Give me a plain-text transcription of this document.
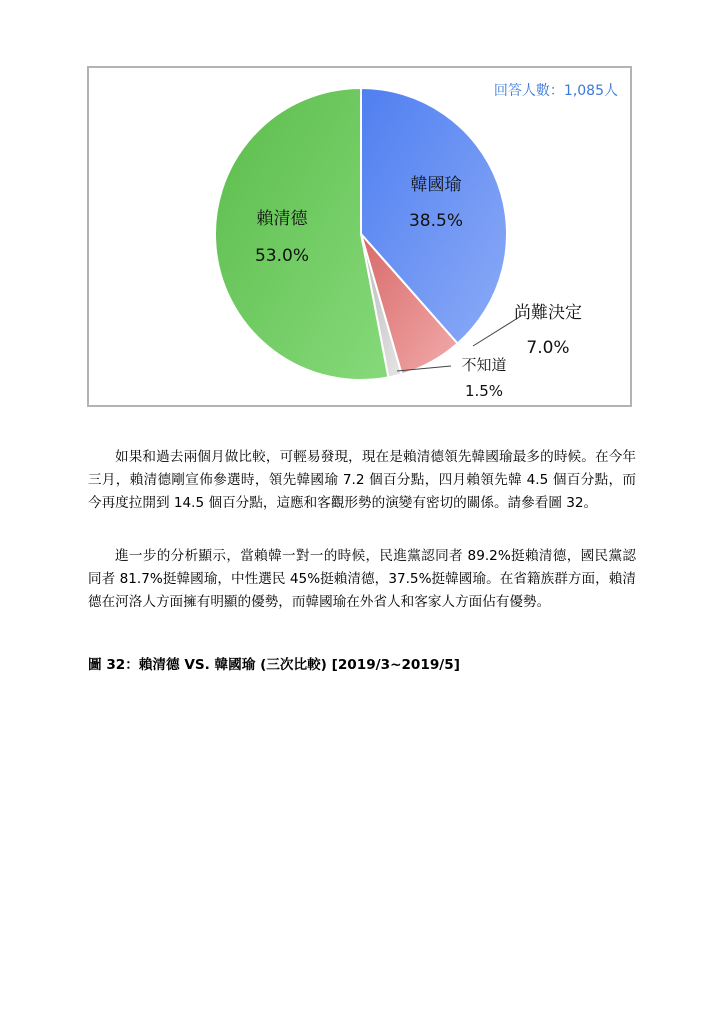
回答人數：1,085人
韓國瑜
38.5%
賴清德
53.0%
尚難決定
7.0%
不知道
1.5%

如果和過去兩個月做比較，可輕易發現，現在是賴清德領先韓國瑜最多的時候。在今年三月，賴清德剛宣佈參選時，領先韓國瑜 7.2 個百分點，四月賴領先韓 4.5 個百分點，而今再度拉開到 14.5 個百分點，這應和客觀形勢的演變有密切的關係。請參看圖 32。

進一步的分析顯示，當賴韓一對一的時候，民進黨認同者 89.2%挺賴清德，國民黨認同者 81.7%挺韓國瑜，中性選民 45%挺賴清德，37.5%挺韓國瑜。在省籍族群方面，賴清德在河洛人方面擁有明顯的優勢，而韓國瑜在外省人和客家人方面佔有優勢。

圖 32：賴清德 VS. 韓國瑜 (三次比較) [2019/3~2019/5]
